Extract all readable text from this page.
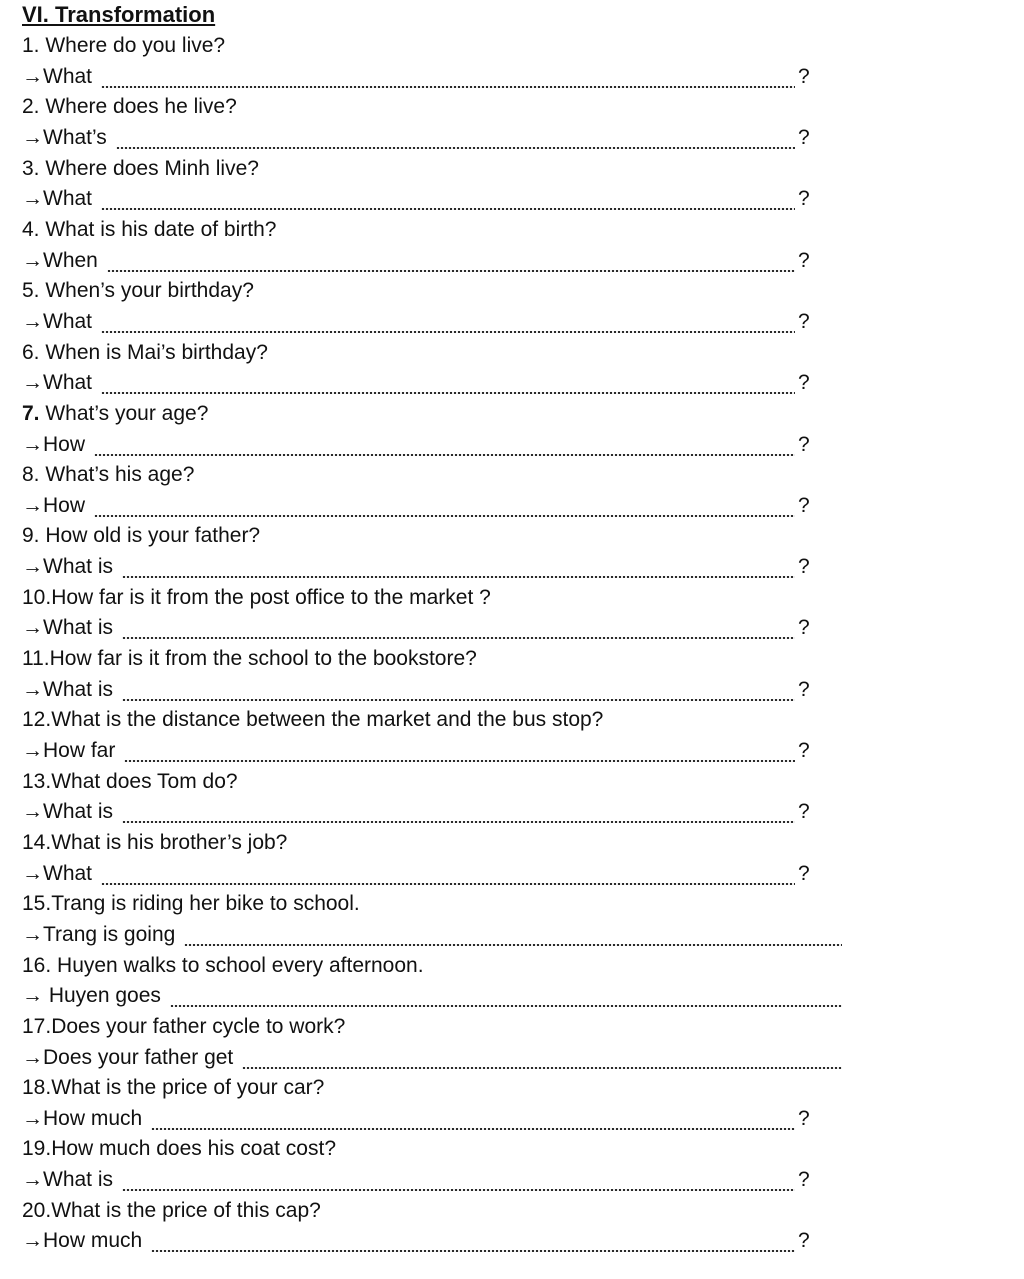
VI. Transformation
1. Where do you live?
→What	?
2. Where does he live?
→What’s	?
3. Where does Minh live?
→What	?
4. What is his date of birth?
→When	?
5. When’s your birthday?
→What	?
6. When is Mai’s birthday?
→What	?
7. What’s your age?
→How	?
8. What’s his age?
→How	?
9. How old is your father?
→What is	?
10.How far is it from the post office to the market ?
→What is	?
11.How far is it from the school to the bookstore?
→What is	?
12.What is the distance between the market and the bus stop?
→How far	?
13.What does Tom do?
→What is	?
14.What is his brother’s job?
→What	?
15.Trang is riding her bike to school.
→Trang is going
16. Huyen walks to school every afternoon.
→ Huyen goes
17.Does your father cycle to work?
→Does your father get
18.What is the price of your car?
→How much	?
19.How much does his coat cost?
→What is	?
20.What is the price of this cap?
→How much	?
